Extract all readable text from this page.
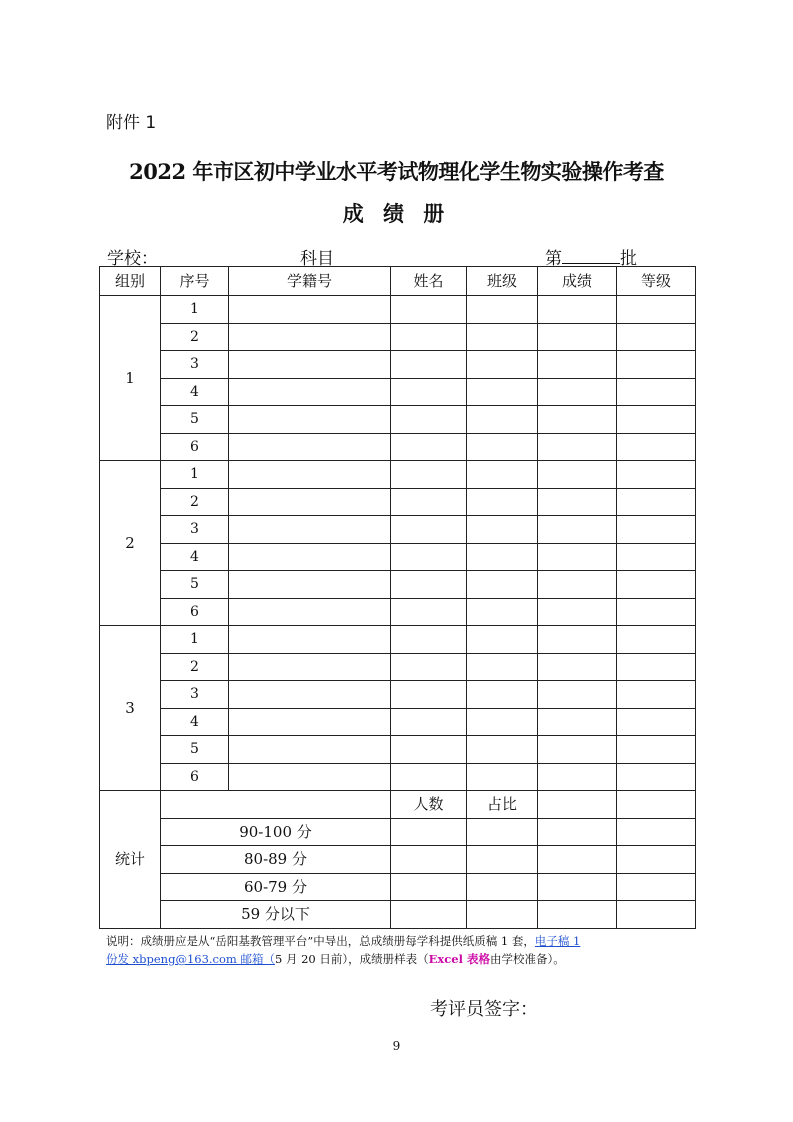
附件 1
2022 年市区初中学业水平考试物理化学生物实验操作考查
成 绩 册
学校：	科目	第	批
组别	序号	学籍号	姓名	班级	成绩	等级
1	1					
	2					
	3					
	4					
	5					
	6					
2	1					
	2					
	3					
	4					
	5					
	6					
3	1					
	2					
	3					
	4					
	5					
	6					
统计			人数	占比		
	90-100 分					
	80-89 分					
	60-79 分					
	59 分以下					
说明：成绩册应是从“岳阳基教管理平台”中导出，总成绩册每学科提供纸质稿 1 套，电子稿 1
份发 xbpeng@163.com 邮箱（5 月 20 日前），成绩册样表（Excel 表格由学校准备）。
考评员签字：
9
